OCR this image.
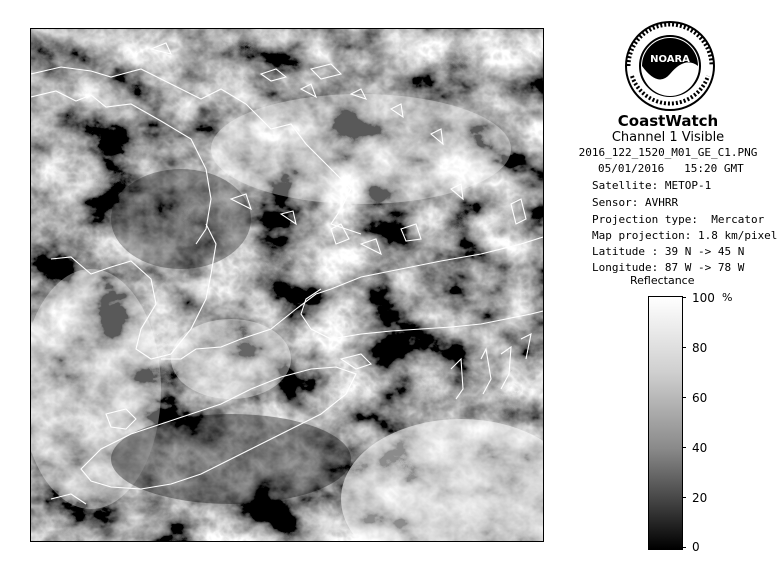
NOARA
CoastWatch
Channel 1 Visible
2016_122_1520_M01_GE_C1.PNG
05/01/2016   15:20 GMT
Satellite: METOP-1
Sensor: AVHRR
Projection type:  Mercator
Map projection: 1.8 km/pixel
Latitude : 39 N -> 45 N
Longitude: 87 W -> 78 W
Reflectance
%
100
80
60
40
20
0
